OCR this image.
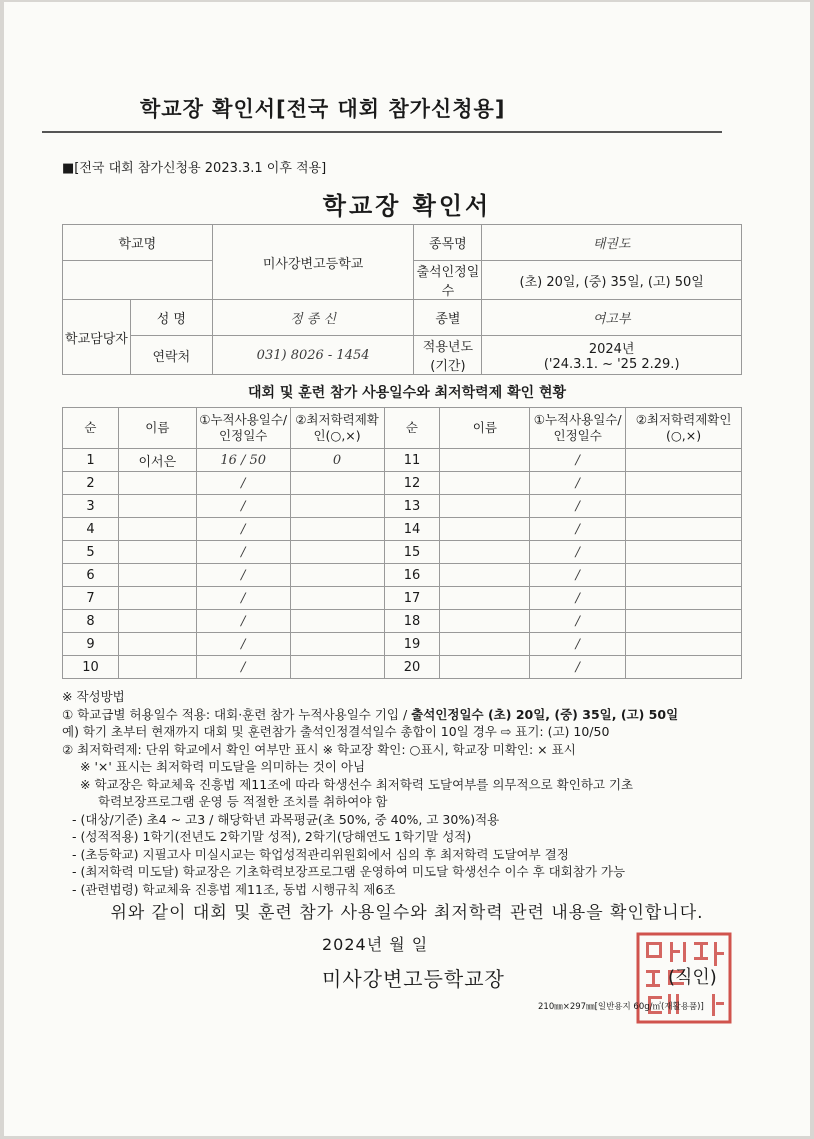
학교장 확인서[전국 대회 참가신청용]
■[전국 대회 참가신청용 2023.3.1 이후 적용]
학교장 확인서
학교명		미사강변고등학교	종목명	태권도
			출석인정일수	(초) 20일, (중) 35일, (고) 50일
학교담당자	성 명	정 종 신	종별	여고부
	연락처	031) 8026 - 1454	적용년도(기간)	2024년
('24.3.1. ~ '25 2.29.)
대회 및 훈련 참가 사용일수와 최저학력제 확인 현황
순	이름	①누적사용일수/인정일수	②최저학력제확인(○,×)	순	이름	①누적사용일수/인정일수	②최저학력제확인(○,×)
1	이서은	16 / 50	0	11		/	
2		/		12		/	
3		/		13		/	
4		/		14		/	
5		/		15		/	
6		/		16		/	
7		/		17		/	
8		/		18		/	
9		/		19		/	
10		/		20		/	
※ 작성방법
① 학교급별 허용일수 적용: 대회·훈련 참가 누적사용일수 기입 / 출석인정일수 (초) 20일, (중) 35일, (고) 50일
예) 학기 초부터 현재까지 대회 및 훈련참가 출석인정결석일수 총합이 10일 경우 ⇨ 표기: (고) 10/50
② 최저학력제: 단위 학교에서 확인 여부만 표시 ※ 학교장 확인: ○표시, 학교장 미확인: × 표시
※ '×' 표시는 최저학력 미도달을 의미하는 것이 아님
※ 학교장은 학교체육 진흥법 제11조에 따라 학생선수 최저학력 도달여부를 의무적으로 확인하고 기초
학력보장프로그램 운영 등 적절한 조치를 취하여야 함
- (대상/기준) 초4 ~ 고3 / 해당학년 과목평균(초 50%, 중 40%, 고 30%)적용
- (성적적용) 1학기(전년도 2학기말 성적), 2학기(당해연도 1학기말 성적)
- (초등학교) 지필고사 미실시교는 학업성적관리위원회에서 심의 후 최저학력 도달여부 결정
- (최저학력 미도달) 학교장은 기초학력보장프로그램 운영하여 미도달 학생선수 이수 후 대회참가 가능
- (관련법령) 학교체육 진흥법 제11조, 동법 시행규칙 제6조
위와 같이 대회 및 훈련 참가 사용일수와 최저학력 관련 내용을 확인합니다.
2024년 월 일
미사강변고등학교장	(직인)
210㎜×297㎜[일반용지 60g/㎡(재활용품)]
